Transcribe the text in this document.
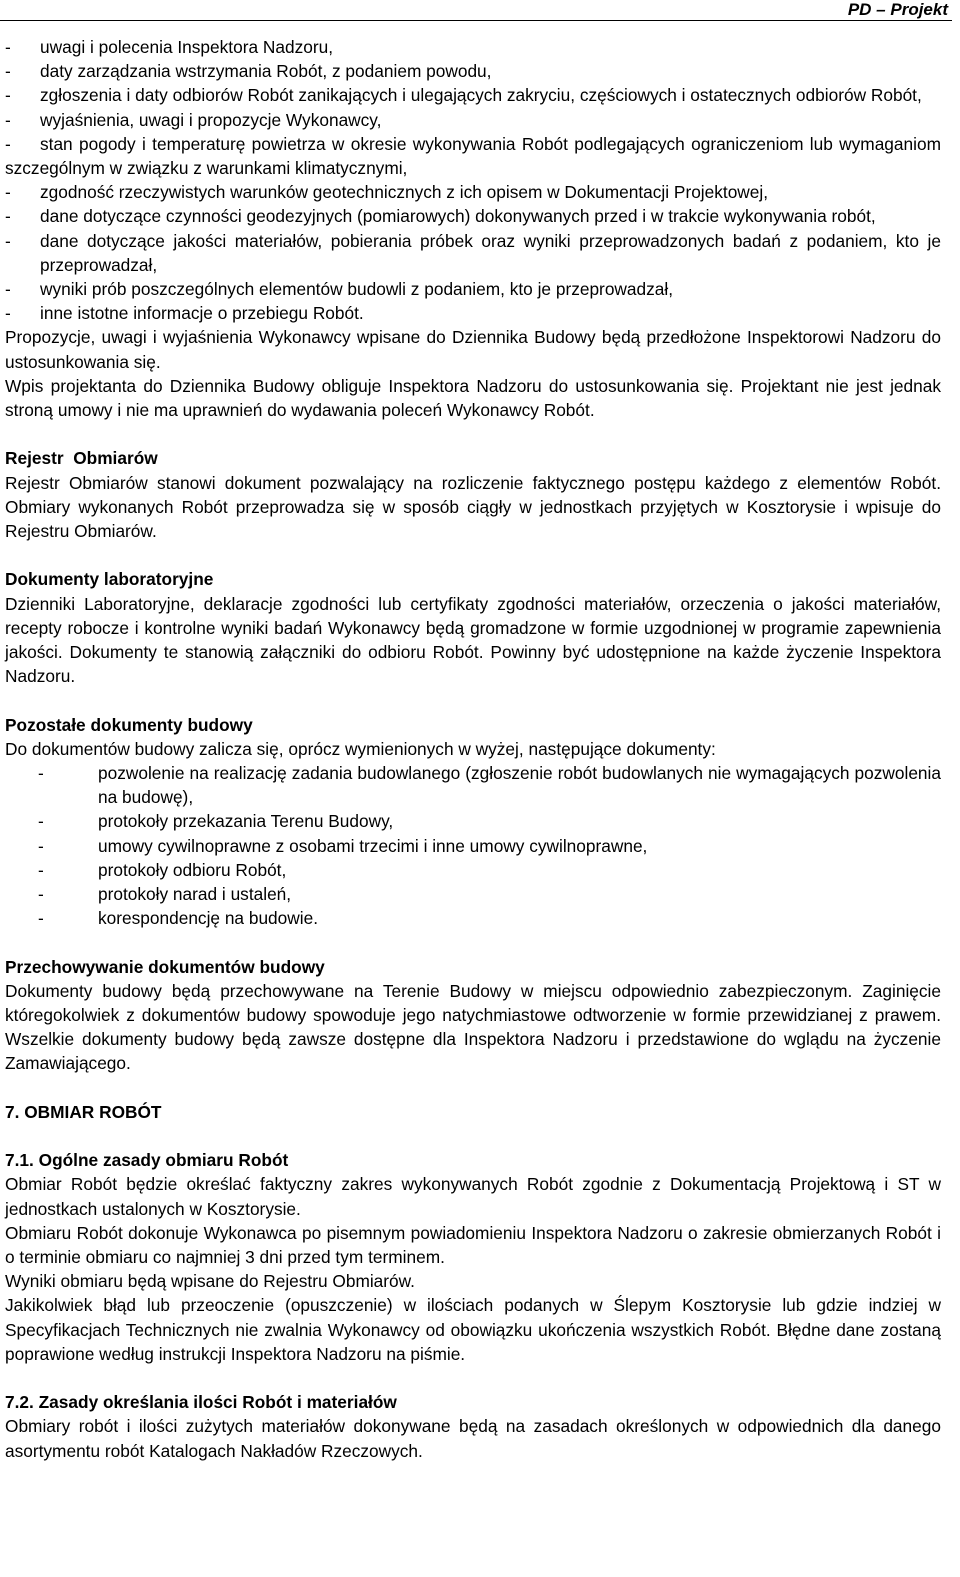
PD – Projekt
-	uwagi i polecenia Inspektora Nadzoru,
-	daty zarządzania wstrzymania Robót, z podaniem powodu,

- zgłoszenia i daty odbiorów Robót zanikających i ulegających zakryciu, częściowych i ostatecznych odbiorów Robót,

-	wyjaśnienia, uwagi i propozycje Wykonawcy,

- stan pogody i temperaturę powietrza w okresie wykonywania Robót podlegających ograniczeniom lub wymaganiom szczególnym w związku z warunkami klimatycznymi,

-	zgodność rzeczywistych warunków geotechnicznych z ich opisem w Dokumentacji Projektowej,

- dane dotyczące czynności geodezyjnych (pomiarowych) dokonywanych przed i w trakcie wykonywania robót,

-	dane dotyczące jakości materiałów, pobierania próbek oraz wyniki przeprowadzonych badań z podaniem, kto je przeprowadzał,
-	wyniki prób poszczególnych elementów budowli z podaniem, kto je przeprowadzał,
-	inne istotne informacje o przebiegu Robót.

Propozycje, uwagi i wyjaśnienia Wykonawcy wpisane do Dziennika Budowy będą przedłożone Inspektorowi Nadzoru do ustosunkowania się.

Wpis projektanta do Dziennika Budowy obliguje Inspektora Nadzoru do ustosunkowania się. Projektant nie jest jednak stroną umowy i nie ma uprawnień do wydawania poleceń Wykonawcy Robót.

Rejestr  Obmiarów

Rejestr Obmiarów stanowi dokument pozwalający na rozliczenie faktycznego postępu każdego z elementów Robót. Obmiary wykonanych Robót przeprowadza się w sposób ciągły w jednostkach przyjętych w Kosztorysie i wpisuje do Rejestru Obmiarów.

Dokumenty laboratoryjne

Dzienniki Laboratoryjne, deklaracje zgodności lub certyfikaty zgodności materiałów, orzeczenia o jakości materiałów, recepty robocze i kontrolne wyniki badań Wykonawcy będą gromadzone w formie uzgodnionej w programie zapewnienia jakości. Dokumenty te stanowią załączniki do odbioru Robót. Powinny być udostępnione na każde życzenie Inspektora Nadzoru.

Pozostałe dokumenty budowy

Do dokumentów budowy zalicza się, oprócz wymienionych w wyżej, następujące dokumenty:

-	pozwolenie na realizację zadania budowlanego (zgłoszenie robót budowlanych nie wymagających pozwolenia na budowę),
-	protokoły przekazania Terenu Budowy,
-	umowy cywilnoprawne z osobami trzecimi i inne umowy cywilnoprawne,
-	protokoły odbioru Robót,
-	protokoły narad i ustaleń,
-	korespondencję na budowie.
Przechowywanie dokumentów budowy

Dokumenty budowy będą przechowywane na Terenie Budowy w miejscu odpowiednio zabezpieczonym. Zaginięcie któregokolwiek z dokumentów budowy spowoduje jego natychmiastowe odtworzenie w formie przewidzianej z prawem. Wszelkie dokumenty budowy będą zawsze dostępne dla Inspektora Nadzoru i przedstawione do wglądu na życzenie Zamawiającego.

7. OBMIAR ROBÓT
7.1. Ogólne zasady obmiaru Robót

Obmiar Robót będzie określać faktyczny zakres wykonywanych Robót zgodnie z Dokumentacją Projektową i ST w jednostkach ustalonych w Kosztorysie.

Obmiaru Robót dokonuje Wykonawca po pisemnym powiadomieniu Inspektora Nadzoru o zakresie obmierzanych Robót i o terminie obmiaru co najmniej 3 dni przed tym terminem.

Wyniki obmiaru będą wpisane do Rejestru Obmiarów.

Jakikolwiek błąd lub przeoczenie (opuszczenie) w ilościach podanych w Ślepym Kosztorysie lub gdzie indziej w Specyfikacjach Technicznych nie zwalnia Wykonawcy od obowiązku ukończenia wszystkich Robót. Błędne dane zostaną poprawione według instrukcji Inspektora Nadzoru na piśmie.

7.2. Zasady określania ilości Robót i materiałów

Obmiary robót i ilości zużytych materiałów dokonywane będą na zasadach określonych w odpowiednich dla danego asortymentu robót Katalogach Nakładów Rzeczowych.
